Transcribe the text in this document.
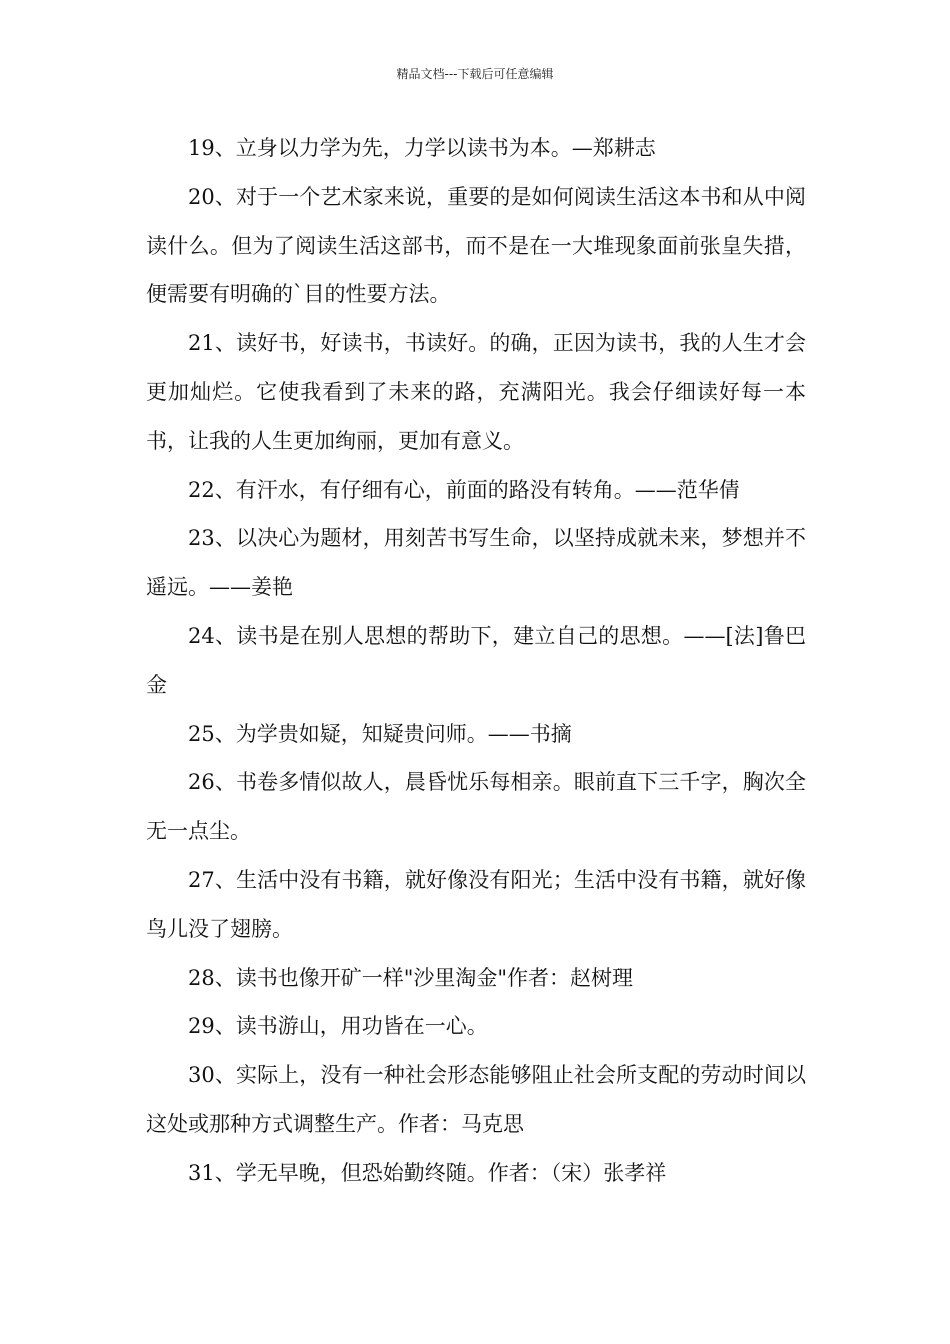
精品文档---下载后可任意编辑

19、立身以力学为先，力学以读书为本。—郑耕志

20、对于一个艺术家来说，重要的是如何阅读生活这本书和从中阅读什么。但为了阅读生活这部书，而不是在一大堆现象面前张皇失措，便需要有明确的`目的性要方法。

21、读好书，好读书，书读好。的确，正因为读书，我的人生才会更加灿烂。它使我看到了未来的路，充满阳光。我会仔细读好每一本书，让我的人生更加绚丽，更加有意义。

22、有汗水，有仔细有心，前面的路没有转角。——范华倩

23、以决心为题材，用刻苦书写生命，以坚持成就未来，梦想并不遥远。——姜艳

24、读书是在别人思想的帮助下，建立自己的思想。——[法]鲁巴金

25、为学贵如疑，知疑贵问师。——书摘

26、书卷多情似故人，晨昏忧乐每相亲。眼前直下三千字，胸次全无一点尘。

27、生活中没有书籍，就好像没有阳光；生活中没有书籍，就好像鸟儿没了翅膀。

28、读书也像开矿一样"沙里淘金"作者：赵树理

29、读书游山，用功皆在一心。

30、实际上，没有一种社会形态能够阻止社会所支配的劳动时间以这处或那种方式调整生产。作者：马克思

31、学无早晚，但恐始勤终随。作者：（宋）张孝祥
